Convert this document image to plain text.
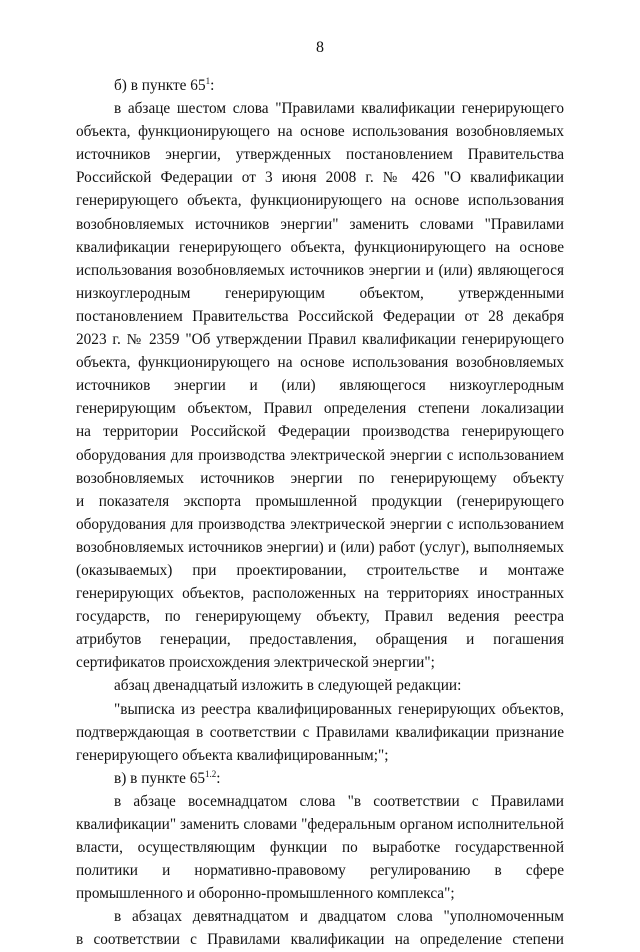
8
б) в пункте $65^1$:
в абзаце шестом слова "Правилами квалификации генерирующего
объекта, функционирующего на основе использования возобновляемых
источников энергии, утвержденных постановлением Правительства
Российской Федерации от 3 июня 2008 г. № 426 "О квалификации
генерирующего объекта, функционирующего на основе использования
возобновляемых источников энергии" заменить словами "Правилами
квалификации генерирующего объекта, функционирующего на основе
использования возобновляемых источников энергии и (или) являющегося
низкоуглеродным генерирующим объектом, утвержденными
постановлением Правительства Российской Федерации от 28 декабря
2023 г. № 2359 "Об утверждении Правил квалификации генерирующего
объекта, функционирующего на основе использования возобновляемых
источников энергии и (или) являющегося низкоуглеродным
генерирующим объектом, Правил определения степени локализации
на территории Российской Федерации производства генерирующего
оборудования для производства электрической энергии с использованием
возобновляемых источников энергии по генерирующему объекту
и показателя экспорта промышленной продукции (генерирующего
оборудования для производства электрической энергии с использованием
возобновляемых источников энергии) и (или) работ (услуг), выполняемых
(оказываемых) при проектировании, строительстве и монтаже
генерирующих объектов, расположенных на территориях иностранных
государств, по генерирующему объекту, Правил ведения реестра
атрибутов генерации, предоставления, обращения и погашения
сертификатов происхождения электрической энергии";
абзац двенадцатый изложить в следующей редакции:
"выписка из реестра квалифицированных генерирующих объектов,
подтверждающая в соответствии с Правилами квалификации признание
генерирующего объекта квалифицированным;";
в) в пункте $65^{1.2}$:
в абзаце восемнадцатом слова "в соответствии с Правилами
квалификации" заменить словами "федеральным органом исполнительной
власти, осуществляющим функции по выработке государственной
политики и нормативно-правовому регулированию в сфере
промышленного и оборонно-промышленного комплекса";
в абзацах девятнадцатом и двадцатом слова "уполномоченным
в соответствии с Правилами квалификации на определение степени
